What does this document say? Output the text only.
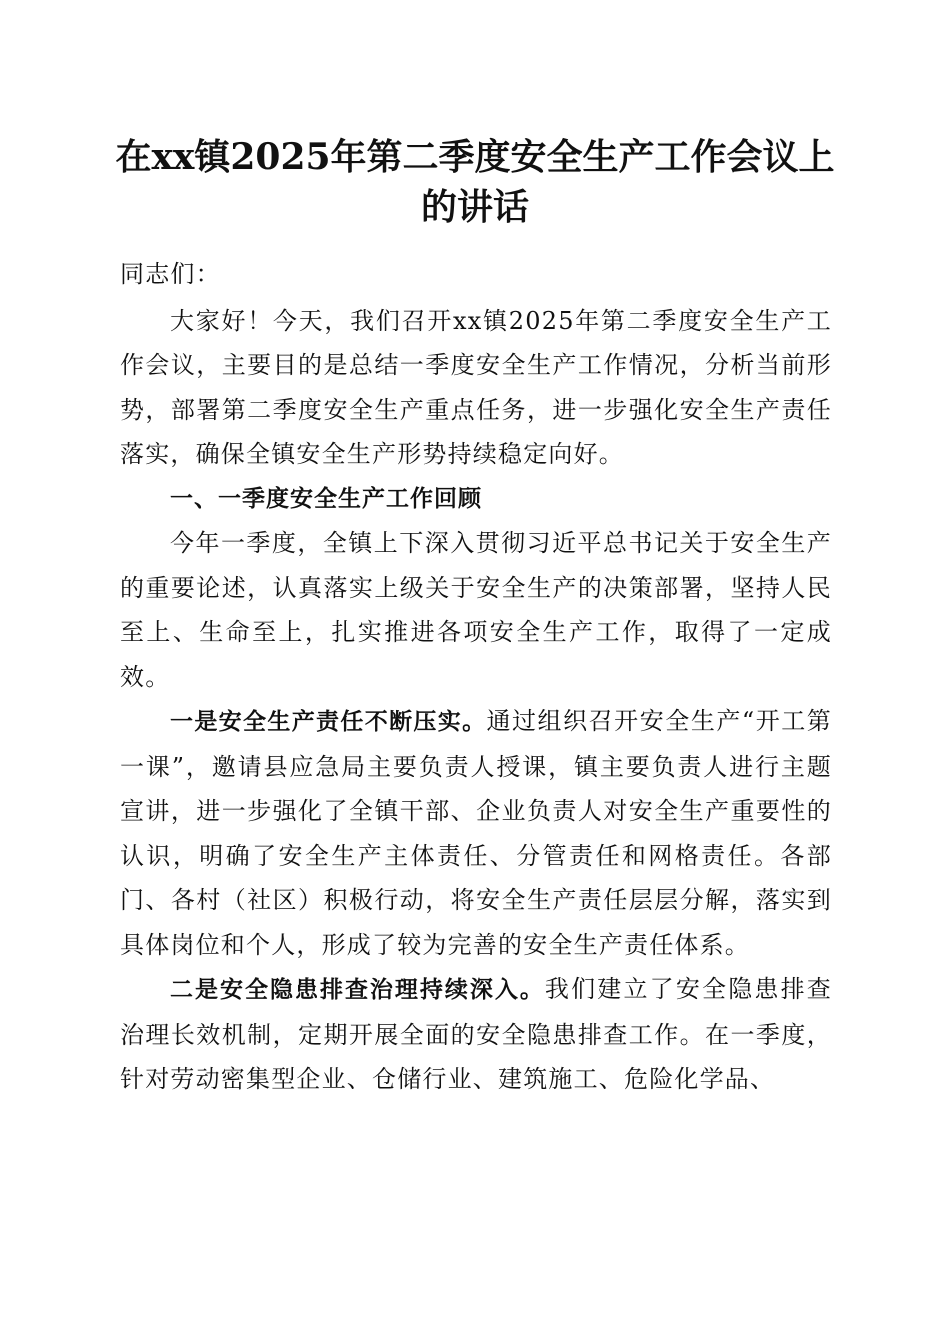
在xx镇2025年第二季度安全生产工作会议上的讲话

同志们：

大家好！今天，我们召开xx镇2025年第二季度安全生产工作会议，主要目的是总结一季度安全生产工作情况，分析当前形势，部署第二季度安全生产重点任务，进一步强化安全生产责任落实，确保全镇安全生产形势持续稳定向好。

一、一季度安全生产工作回顾

今年一季度，全镇上下深入贯彻习近平总书记关于安全生产的重要论述，认真落实上级关于安全生产的决策部署，坚持人民至上、生命至上，扎实推进各项安全生产工作，取得了一定成效。

一是安全生产责任不断压实。通过组织召开安全生产“开工第一课”，邀请县应急局主要负责人授课，镇主要负责人进行主题宣讲，进一步强化了全镇干部、企业负责人对安全生产重要性的认识，明确了安全生产主体责任、分管责任和网格责任。各部门、各村（社区）积极行动，将安全生产责任层层分解，落实到具体岗位和个人，形成了较为完善的安全生产责任体系。

二是安全隐患排查治理持续深入。我们建立了安全隐患排查治理长效机制，定期开展全面的安全隐患排查工作。在一季度，针对劳动密集型企业、仓储行业、建筑施工、危险化学品、
